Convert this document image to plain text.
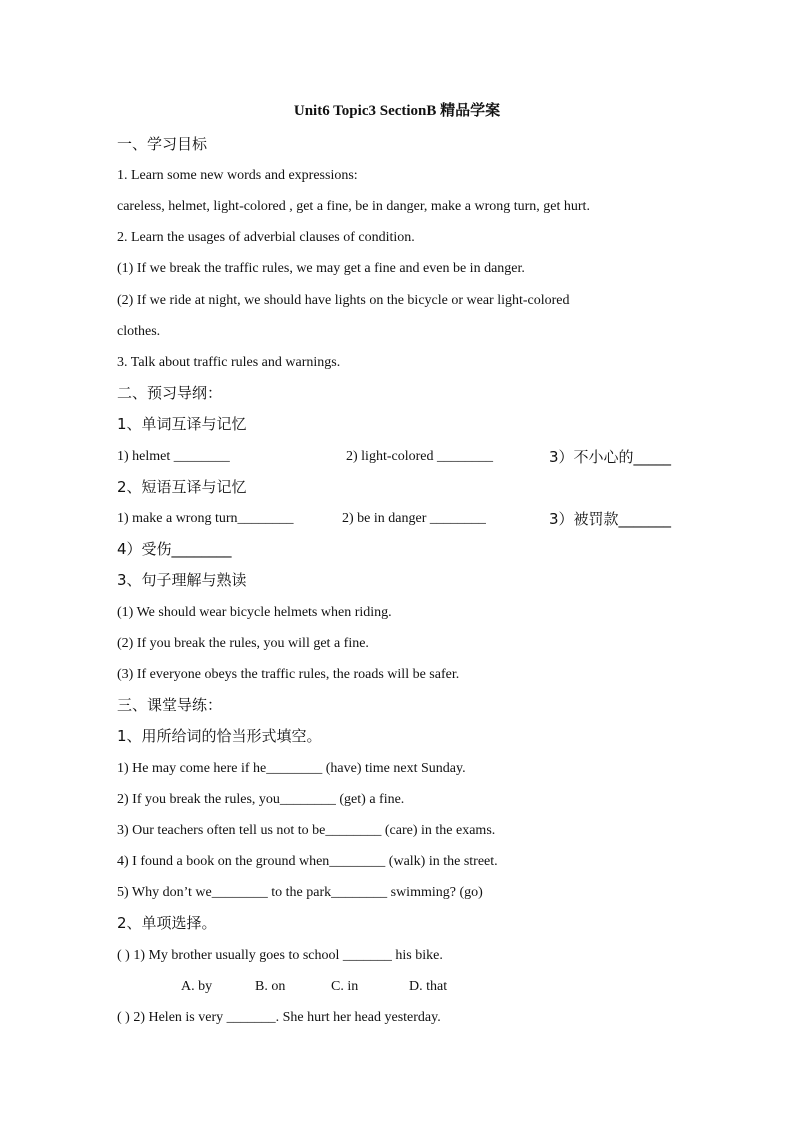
Unit6 Topic3 SectionB 精品学案
一、学习目标
1. Learn some new words and expressions:
careless, helmet, light-colored , get a fine, be in danger, make a wrong turn, get hurt.
2. Learn the usages of adverbial clauses of condition.
(1) If we break the traffic rules, we may get a fine and even be in danger.
(2) If we ride at night, we should have lights on the bicycle or wear light-colored
clothes.
3. Talk about traffic rules and warnings.
二、预习导纲：
1、单词互译与记忆
1) helmet ________	2) light-colored ________	3）不小心的_____
2、短语互译与记忆
1) make a wrong turn________	2) be in danger ________	3）被罚款_______
4）受伤________
3、句子理解与熟读
(1) We should wear bicycle helmets when riding.
(2) If you break the rules, you will get a fine.
(3) If everyone obeys the traffic rules, the roads will be safer.
三、课堂导练：
1、用所给词的恰当形式填空。
1) He may come here if he________ (have) time next Sunday.
2) If you break the rules, you________ (get) a fine.
3) Our teachers often tell us not to be________ (care) in the exams.
4) I found a book on the ground when________ (walk) in the street.
5) Why don’t we________ to the park________ swimming? (go)
2、单项选择。
( ) 1) My brother usually goes to school _______ his bike.
A. by	B. on	C. in	D. that
( ) 2) Helen is very _______. She hurt her head yesterday.
